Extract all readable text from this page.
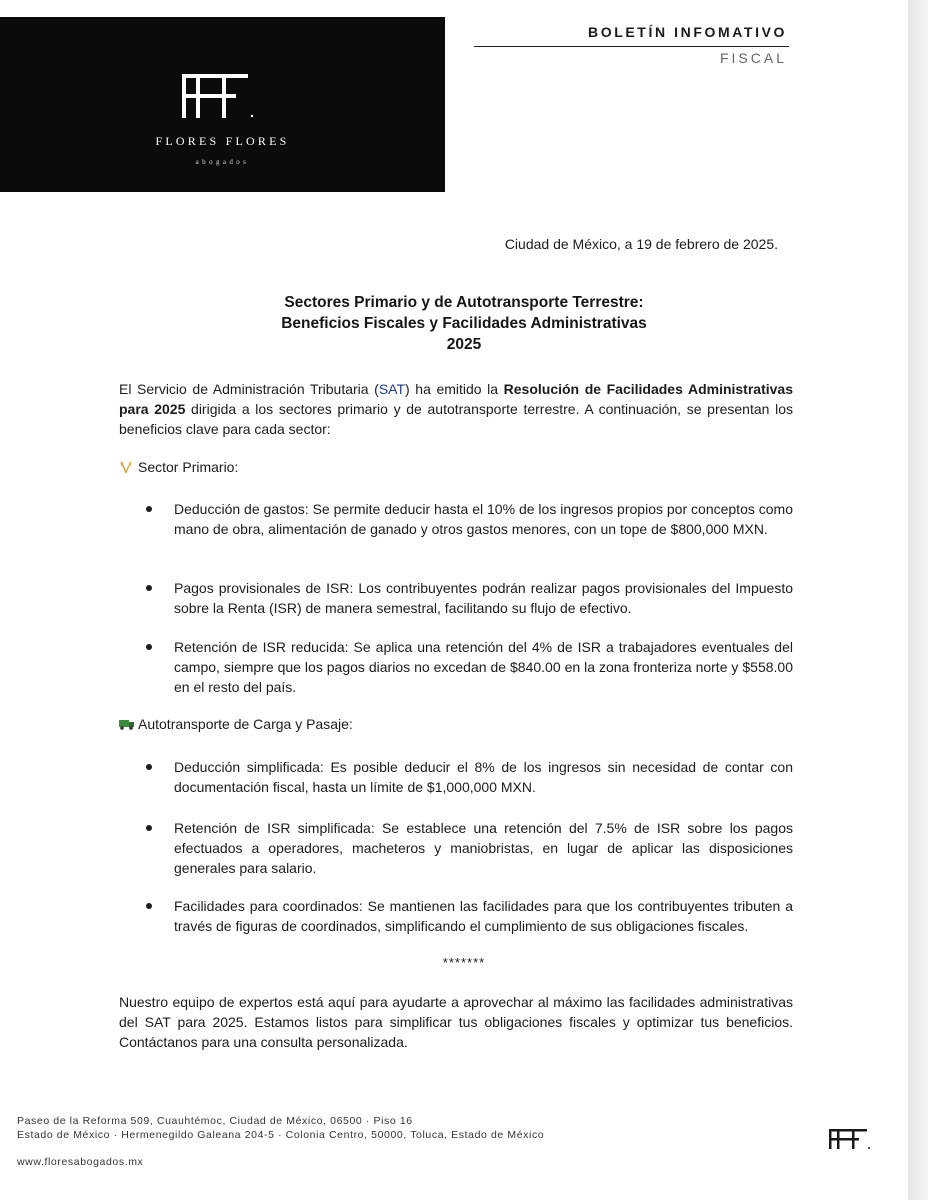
FLORES FLORES
abogados
BOLETÍN INFOMATIVO
FISCAL
Ciudad de México, a 19 de febrero de 2025.
Sectores Primario y de Autotransporte Terrestre:
Beneficios Fiscales y Facilidades Administrativas
2025
El Servicio de Administración Tributaria (SAT) ha emitido la Resolución de Facilidades Administrativas para 2025 dirigida a los sectores primario y de autotransporte terrestre. A continuación, se presentan los beneficios clave para cada sector:
Sector Primario:
Deducción de gastos: Se permite deducir hasta el 10% de los ingresos propios por conceptos como mano de obra, alimentación de ganado y otros gastos menores, con un tope de $800,000 MXN.
Pagos provisionales de ISR: Los contribuyentes podrán realizar pagos provisionales del Impuesto sobre la Renta (ISR) de manera semestral, facilitando su flujo de efectivo.
Retención de ISR reducida: Se aplica una retención del 4% de ISR a trabajadores eventuales del campo, siempre que los pagos diarios no excedan de $840.00 en la zona fronteriza norte y $558.00 en el resto del país.
Autotransporte de Carga y Pasaje:
Deducción simplificada: Es posible deducir el 8% de los ingresos sin necesidad de contar con documentación fiscal, hasta un límite de $1,000,000 MXN.
Retención de ISR simplificada: Se establece una retención del 7.5% de ISR sobre los pagos efectuados a operadores, macheteros y maniobristas, en lugar de aplicar las disposiciones generales para salario.
Facilidades para coordinados: Se mantienen las facilidades para que los contribuyentes tributen a través de figuras de coordinados, simplificando el cumplimiento de sus obligaciones fiscales.
*******
Nuestro equipo de expertos está aquí para ayudarte a aprovechar al máximo las facilidades administrativas del SAT para 2025. Estamos listos para simplificar tus obligaciones fiscales y optimizar tus beneficios. Contáctanos para una consulta personalizada.
Paseo de la Reforma 509, Cuauhtémoc, Ciudad de México, 06500 · Piso 16
Estado de México · Hermenegildo Galeana 204-5 · Colonia Centro, 50000, Toluca, Estado de México
www.floresabogados.mx
